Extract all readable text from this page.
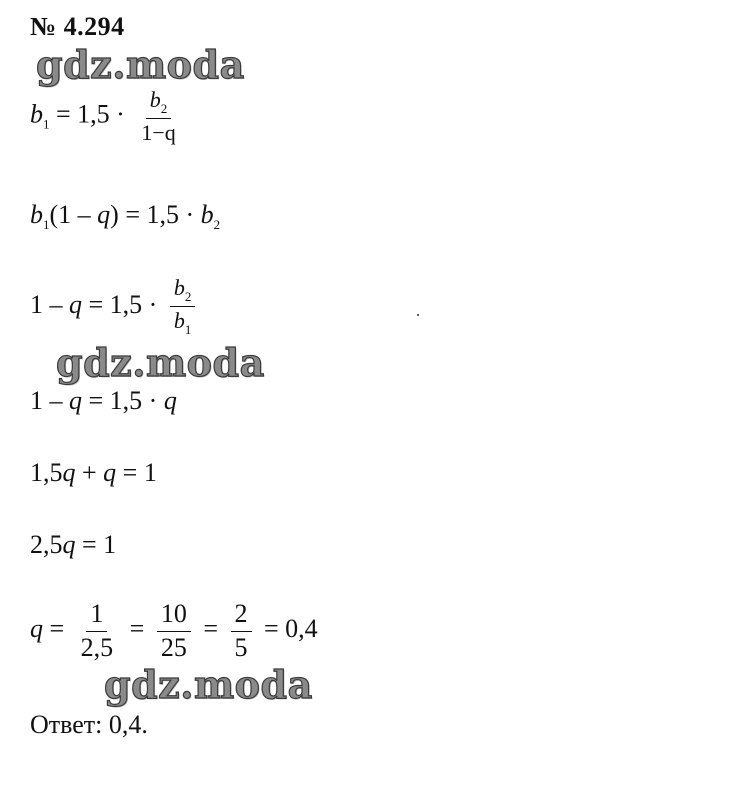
№ 4.294
gdz.moda
$b_1 = 1,5 \cdot \frac{b_2}{1-q}$
$b_1(1 - q) = 1,5 \cdot b_2$
$1 - q = 1,5 \cdot \frac{b_2}{b_1}$
gdz.moda
1 – q = 1,5 · q
1,5q + q = 1
2,5q = 1
$q = \frac{1}{2,5} = \frac{10}{25} = \frac{2}{5} = 0,4$
gdz.moda
Ответ: 0,4.
